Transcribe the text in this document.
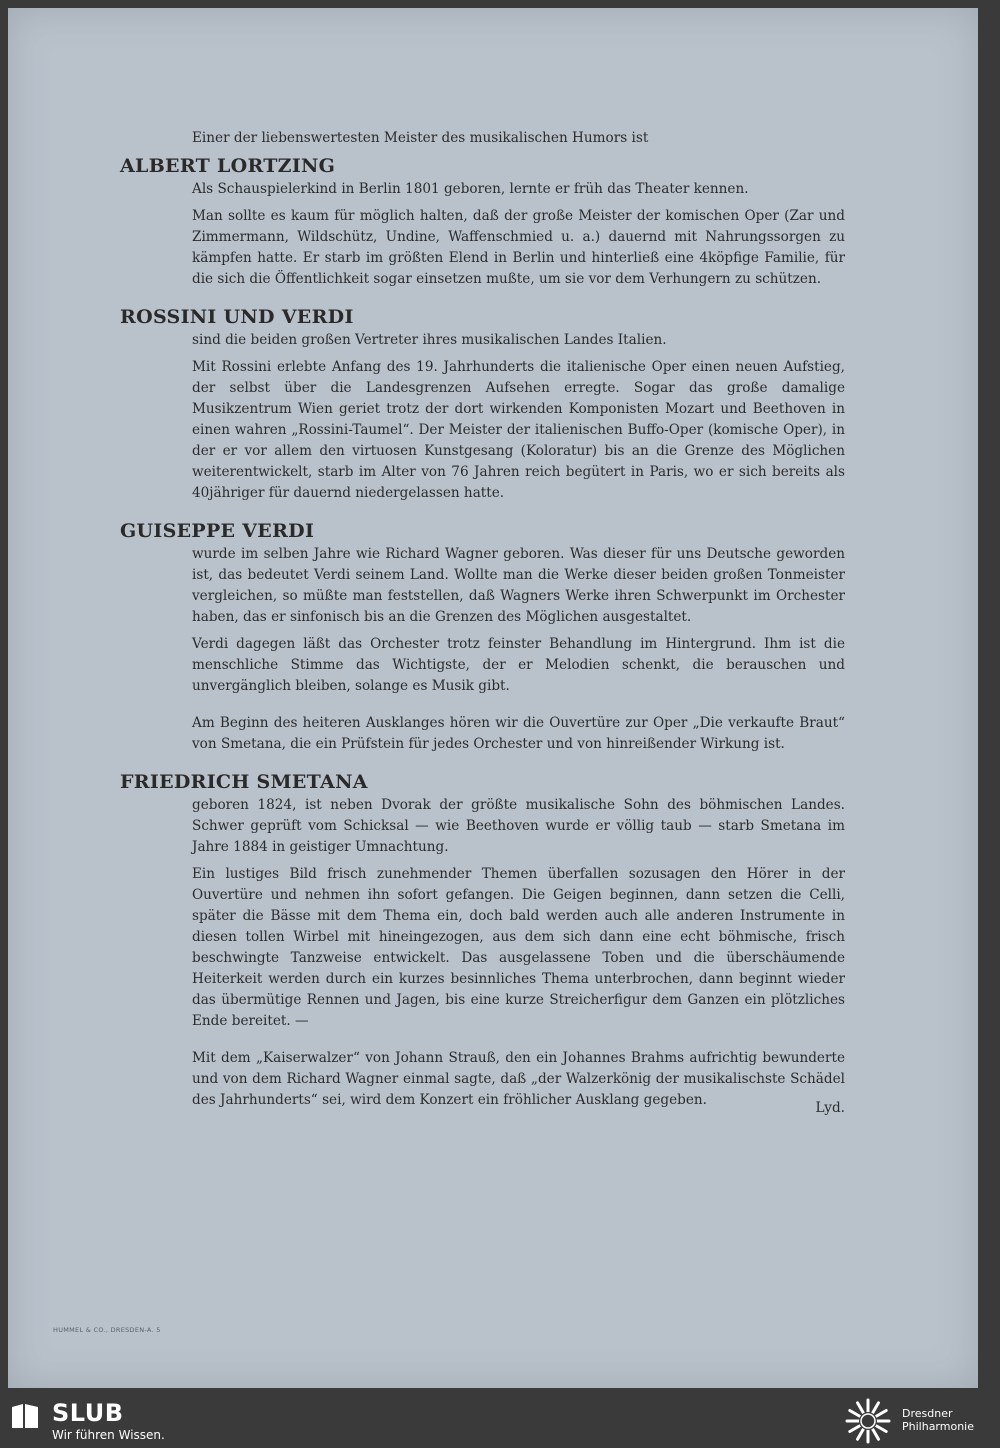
Einer der liebenswertesten Meister des musikalischen Humors ist

ALBERT LORTZING

Als Schauspielerkind in Berlin 1801 geboren, lernte er früh das Theater kennen.

Man sollte es kaum für möglich halten, daß der große Meister der komischen Oper (Zar und Zimmermann, Wildschütz, Undine, Waffenschmied u. a.) dauernd mit Nahrungssorgen zu kämpfen hatte. Er starb im größten Elend in Berlin und hinterließ eine 4köpfige Familie, für die sich die Öffentlichkeit sogar einsetzen mußte, um sie vor dem Verhungern zu schützen.

ROSSINI UND VERDI

sind die beiden großen Vertreter ihres musikalischen Landes Italien.

Mit Rossini erlebte Anfang des 19. Jahrhunderts die italienische Oper einen neuen Aufstieg, der selbst über die Landesgrenzen Aufsehen erregte. Sogar das große damalige Musikzentrum Wien geriet trotz der dort wirkenden Komponisten Mozart und Beethoven in einen wahren „Rossini-Taumel“. Der Meister der italienischen Buffo-Oper (komische Oper), in der er vor allem den virtuosen Kunstgesang (Koloratur) bis an die Grenze des Möglichen weiterentwickelt, starb im Alter von 76 Jahren reich begütert in Paris, wo er sich bereits als 40jähriger für dauernd niedergelassen hatte.

GUISEPPE VERDI

wurde im selben Jahre wie Richard Wagner geboren. Was dieser für uns Deutsche geworden ist, das bedeutet Verdi seinem Land. Wollte man die Werke dieser beiden großen Tonmeister vergleichen, so müßte man feststellen, daß Wagners Werke ihren Schwerpunkt im Orchester haben, das er sinfonisch bis an die Grenzen des Möglichen ausgestaltet.

Verdi dagegen läßt das Orchester trotz feinster Behandlung im Hintergrund. Ihm ist die menschliche Stimme das Wichtigste, der er Melodien schenkt, die berauschen und unvergänglich bleiben, solange es Musik gibt.

Am Beginn des heiteren Ausklanges hören wir die Ouvertüre zur Oper „Die verkaufte Braut“ von Smetana, die ein Prüfstein für jedes Orchester und von hinreißender Wirkung ist.

FRIEDRICH SMETANA

geboren 1824, ist neben Dvorak der größte musikalische Sohn des böhmischen Landes. Schwer geprüft vom Schicksal — wie Beethoven wurde er völlig taub — starb Smetana im Jahre 1884 in geistiger Umnachtung.

Ein lustiges Bild frisch zunehmender Themen überfallen sozusagen den Hörer in der Ouvertüre und nehmen ihn sofort gefangen. Die Geigen beginnen, dann setzen die Celli, später die Bässe mit dem Thema ein, doch bald werden auch alle anderen Instrumente in diesen tollen Wirbel mit hineingezogen, aus dem sich dann eine echt böhmische, frisch beschwingte Tanzweise entwickelt. Das ausgelassene Toben und die überschäumende Heiterkeit werden durch ein kurzes besinnliches Thema unterbrochen, dann beginnt wieder das übermütige Rennen und Jagen, bis eine kurze Streicherfigur dem Ganzen ein plötzliches Ende bereitet. —

Mit dem „Kaiserwalzer“ von Johann Strauß, den ein Johannes Brahms aufrichtig bewunderte und von dem Richard Wagner einmal sagte, daß „der Walzerkönig der musikalischste Schädel des Jahrhunderts“ sei, wird dem Konzert ein fröhlicher Ausklang gegeben.	Lyd.

HUMMEL & CO., DRESDEN-A. 5
SLUB
Wir führen Wissen.
Dresdner
Philharmonie
